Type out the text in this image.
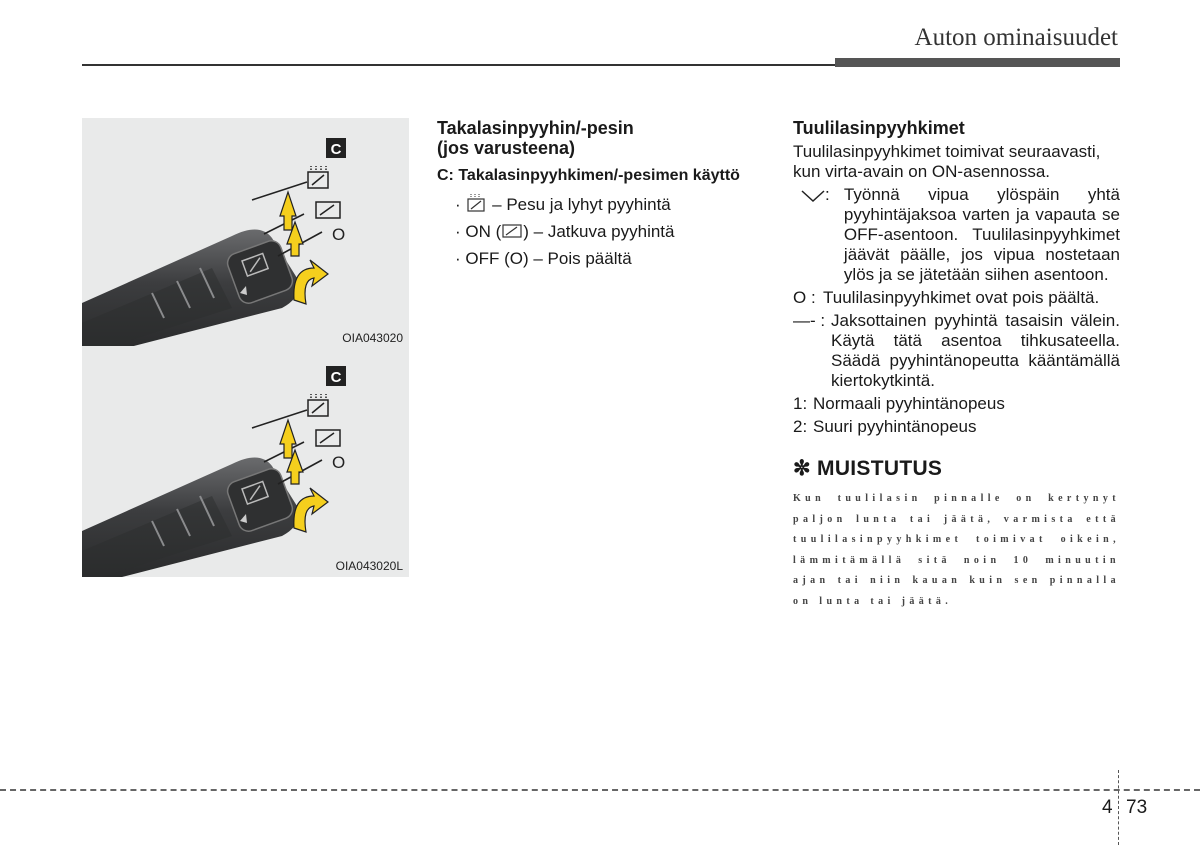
Auton ominaisuudet
O
C
OIA043020
O
C
OIA043020L
Takalasinpyyhin/-pesin
(jos varusteena)
C: Takalasinpyyhkimen/-pesimen käyttö
· – Pesu ja lyhyt pyyhintä
· ON ( ) – Jatkuva pyyhintä
· OFF (O) – Pois päältä
Tuulilasinpyyhkimet
Tuulilasinpyyhkimet toimivat seuraavasti, kun virta-avain on ON-asennossa.
: Työnnä vipua ylöspäin yhtä pyyhintäjaksoa varten ja vapauta se OFF-asentoon. Tuulilasinpyyhkimet jäävät päälle, jos vipua nostetaan ylös ja se jätetään siihen asentoon.
O : Tuulilasinpyyhkimet ovat pois päältä.
—- : Jaksottainen pyyhintä tasaisin välein. Käytä tätä asentoa tihkusateella. Säädä pyyhintänopeutta kääntämällä kiertokytkintä.
1: Normaali pyyhintänopeus
2: Suuri pyyhintänopeus
✼ MUISTUTUS
Kun tuulilasin pinnalle on kertynyt paljon lunta tai jäätä, varmista että tuulilasinpyyhkimet toimivat oikein, lämmitämällä sitä noin 10 minuutin ajan tai niin kauan kuin sen pinnalla on lunta tai jäätä.
4 73
